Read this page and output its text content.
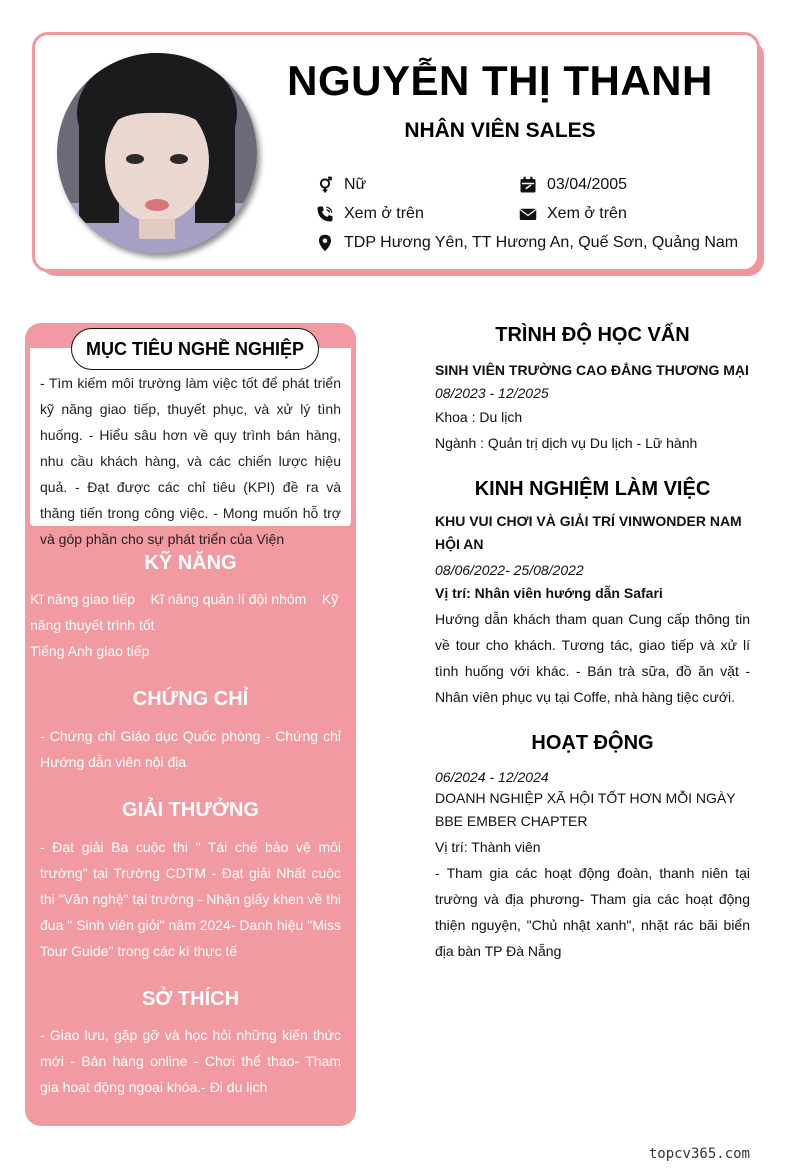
NGUYỄN THỊ THANH
NHÂN VIÊN SALES
Nữ	03/04/2005
Xem ở trên	Xem ở trên
TDP Hương Yên, TT Hương An, Quế Sơn, Quảng Nam
MỤC TIÊU NGHỀ NGHIỆP
- Tìm kiếm môi trường làm việc tốt để phát triển kỹ năng giao tiếp, thuyết phục, và xử lý tình huống. - Hiểu sâu hơn về quy trình bán hàng, nhu cầu khách hàng, và các chiến lược hiệu quả. - Đạt được các chỉ tiêu (KPI) đề ra và thăng tiến trong công việc. - Mong muốn hỗ trợ và góp phần cho sự phát triển của Viện
KỸ NĂNG
Kĩ năng giao tiếp Kĩ năng quản lí đội nhóm Kỹ năng thuyết trình tốt
Tiếng Anh giao tiếp
CHỨNG CHỈ
- Chứng chỉ Giáo dục Quốc phòng - Chứng chỉ Hướng dẫn viên nội địa
GIẢI THƯỞNG
- Đạt giải Ba cuộc thi " Tái chế bảo vệ môi trường" tại Trường CDTM - Đạt giải Nhất cuộc thi "Văn nghệ" tại trường - Nhận giấy khen về thi đua " Sinh viên giỏi" năm 2024- Danh hiệu "Miss Tour Guide" trong các kì thực tế
SỞ THÍCH
- Giao lưu, gặp gỡ và học hỏi những kiến thức mới - Bán hàng online - Chơi thể thao- Tham gia hoạt động ngoại khóa.- Đi du lịch
TRÌNH ĐỘ HỌC VẤN
SINH VIÊN TRƯỜNG CAO ĐẲNG THƯƠNG MẠI
08/2023 - 12/2025
Khoa : Du lịch
Ngành : Quản trị dịch vụ Du lịch - Lữ hành
KINH NGHIỆM LÀM VIỆC
KHU VUI CHƠI VÀ GIẢI TRÍ VINWONDER NAM HỘI AN
08/06/2022- 25/08/2022
Vị trí: Nhân viên hướng dẫn Safari
Hướng dẫn khách tham quan Cung cấp thông tin về tour cho khách. Tương tác, giao tiếp và xử lí tình huống với khác. - Bán trà sữa, đồ ăn vặt - Nhân viên phục vụ tại Coffe, nhà hàng tiệc cưới.
HOẠT ĐỘNG
06/2024 - 12/2024
DOANH NGHIỆP XÃ HỘI TỐT HƠN MỖI NGÀY BBE EMBER CHAPTER
Vị trí: Thành viên
- Tham gia các hoạt động đoàn, thanh niên tại trường và địa phương- Tham gia các hoạt động thiện nguyện, "Chủ nhật xanh", nhặt rác bãi biển địa bàn TP Đà Nẵng
topcv365.com
